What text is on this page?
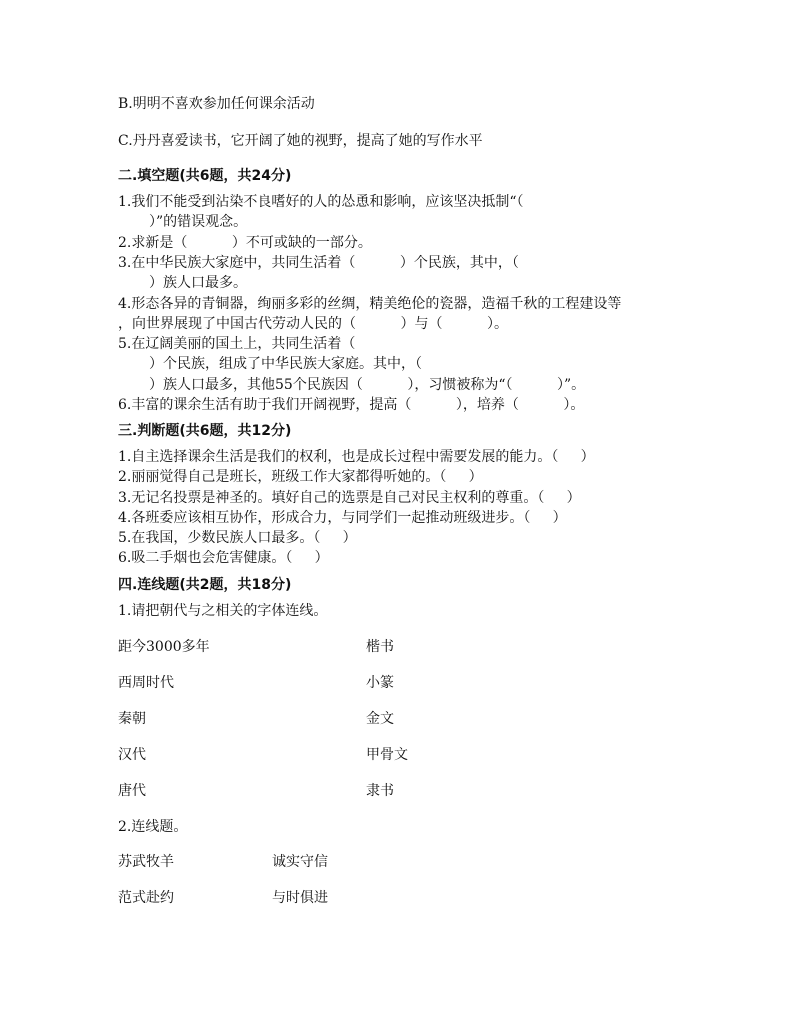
B.明明不喜欢参加任何课余活动
C.丹丹喜爱读书，它开阔了她的视野，提高了她的写作水平
二.填空题(共6题，共24分)
1.我们不能受到沾染不良嗜好的人的怂恿和影响，应该坚决抵制“（
）”的错误观念。
2.求新是（          ）不可或缺的一部分。
3.在中华民族大家庭中，共同生活着（          ）个民族，其中，（
）族人口最多。
4.形态各异的青铜器，绚丽多彩的丝绸，精美绝伦的瓷器，造福千秋的工程建设等
，向世界展现了中国古代劳动人民的（          ）与（          ）。
5.在辽阔美丽的国土上，共同生活着（
）个民族，组成了中华民族大家庭。其中，（
）族人口最多，其他55个民族因（          ），习惯被称为“（          ）”。
6.丰富的课余生活有助于我们开阔视野，提高（          ），培养（          ）。
三.判断题(共6题，共12分)
1.自主选择课余生活是我们的权利，也是成长过程中需要发展的能力。（     ）
2.丽丽觉得自己是班长，班级工作大家都得听她的。（     ）
3.无记名投票是神圣的。填好自己的选票是自己对民主权利的尊重。（     ）
4.各班委应该相互协作，形成合力，与同学们一起推动班级进步。（     ）
5.在我国，少数民族人口最多。（     ）
6.吸二手烟也会危害健康。（     ）
四.连线题(共2题，共18分)
1.请把朝代与之相关的字体连线。
距今3000多年
西周时代
秦朝
汉代
唐代
楷书
小篆
金文
甲骨文
隶书
2.连线题。
苏武牧羊
范式赴约
诚实守信
与时俱进
